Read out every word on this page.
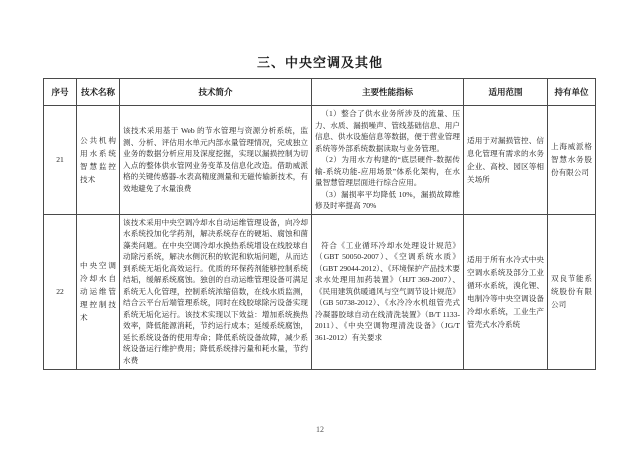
三、中央空调及其他
序号	技术名称	技术简介	主要性能指标	适用范围	持有单位
21	公共机构用水系统智慧监控技术	该技术采用基于 Web 的节水管理与资源分析系统，监测、分析、评估用水单元内部水量管理情况，完成独立业务的数据分析应用及深度挖掘，实现以漏损控制为切入点的整体供水管网业务变革及信息化改造。借助威派格的关键传感器-水表高精度测量和无磁传输新技术，有效地避免了水量浪费	（1）整合了供水业务所涉及的流量、压力、水质、漏损噪声、管线基础信息、用户信息、供水设施信息等数据，便于营业管理系统等外部系统数据读取与业务管理。

（2）为用水方构建的“底层硬件-数据传输-系统功能-应用场景”体系化架构，在水量智慧管理层面进行综合应用。

（3）漏损率平均降低 10%，漏损故障维修及时率提高 70%	适用于对漏损管控、信息化管理有需求的水务企业、高校、园区等相关场所	上海威派格智慧水务股份有限公司
22	中央空调冷却水自动运维管理控制技术	该技术采用中央空调冷却水自动运维管理设备，向冷却水系统投加化学药剂，解决系统存在的硬垢、腐蚀和菌藻类问题。在中央空调冷却水换热系统增设在线胶球自动除污系统，解决水侧沉积的软泥和软垢问题，从而达到系统无垢化高效运行。优质的环保药剂能够控制系统结垢，缓解系统腐蚀。独创的自动运维管理设备可满足系统无人化管理，控制系统浓缩倍数，在线水质监测，结合云平台后端管理系统，同时在线胶球除污设备实现系统无垢化运行。该技术实现以下效益：增加系统换热效率，降低能源消耗，节约运行成本；延缓系统腐蚀，延长系统设备的使用寿命；降低系统设备故障，减少系统设备运行维护费用；降低系统排污量和耗水量，节约水费	符合《工业循环冷却水处理设计规范》（GBT 50050-2007）、《空调系统水质》（GBT 29044-2012）、《环境保护产品技术要求水处理用加药装置》（HJT 369-2007）、《民用建筑供暖通风与空气调节设计规范》（GB 50738-2012）、《水冷冷水机组管壳式冷凝器胶球自动在线清洗装置》（B/T 1133-2011）、《中央空调物理清洗设备》（JG/T 361-2012）有关要求	适用于所有水冷式中央空调水系统及部分工业循环水系统，溴化锂、电制冷等中央空调设备冷却水系统，工业生产管壳式水冷系统	双良节能系统股份有限公司
12
